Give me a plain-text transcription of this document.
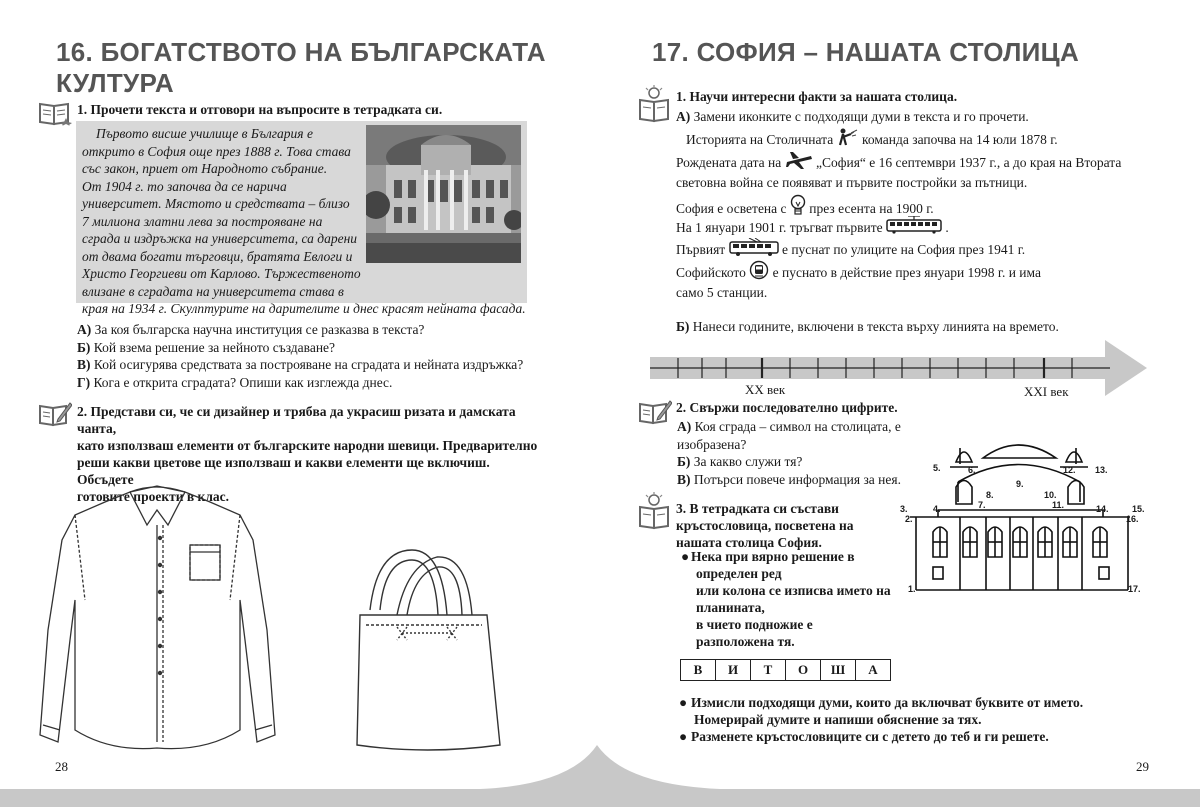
16. БОГАТСТВОТО НА БЪЛГАРСКАТА
КУЛТУРА
1. Прочети текста и отговори на въпросите в тетрадката си.
Първото висше училище в България е
открито в София още през 1888 г. Това става
със закон, приет от Народното събрание.
От 1904 г. то започва да се нарича
университет. Мястото и средствата – близо
7 милиона златни лева за построяване на
сграда и издръжка на университета, са дарени
от двама богати търговци, братята Евлоги и
Христо Георгиеви от Карлово. Тържественото
влизане в сградата на университета става в
края на 1934 г. Скулптурите на дарителите и днес красят нейната фасада.
А) За коя българска научна институция се разказва в текста?
Б) Кой взема решение за нейното създаване?
В) Кой осигурява средствата за построяване на сградата и нейната издръжка?
Г) Кога е открита сградата? Опиши как изглежда днес.
2. Представи си, че си дизайнер и трябва да украсиш ризата и дамската чанта,
като използваш елементи от българските народни шевици. Предварително
реши какви цветове ще използваш и какви елементи ще включиш. Обсъдете
готовите проекти в клас.
28
17. СОФИЯ – НАШАТА СТОЛИЦА
1. Научи интересни факти за нашата столица.
А) Замени иконките с подходящи думи в текста и го прочети.
Историята на Столичната команда започва на 14 юли 1878 г.
Рождената дата на	„София“ е 16 септември 1937 г., а до края на Втората
световна война се появяват и първите постройки за пътници.
София е осветена с през есента на 1900 г.
На 1 януари 1901 г. тръгват първите	.
Първият	е пуснат по улиците на София през 1941 г.
Софийското е пуснато в действие през януари 1998 г. и има
само 5 станции.
Б) Нанеси годините, включени в текста върху линията на времето.
XX век	XXI век
2. Свържи последователно цифрите.
А) Коя сграда – символ на столицата, е
изобразена?
Б) За какво служи тя?
В) Потърси повече информация за нея.
1.
2.
3.	4.
5.	6.
7.
8.
9.
10.
11.
12. 13.
14.	15.
16.
17.
3. В тетрадката си състави
кръстословица, посветена на
нашата столица София.
● Нека при вярно решение в
определен ред
или колона се изписва името на
планината,
в чието подножие е
разположена тя.
В	И	Т	О	Ш	А
● Измисли подходящи думи, които да включват буквите от името.
Номерирай думите и напиши обяснение за тях.
● Разменете кръстословиците си с детето до теб и ги решете.
29
